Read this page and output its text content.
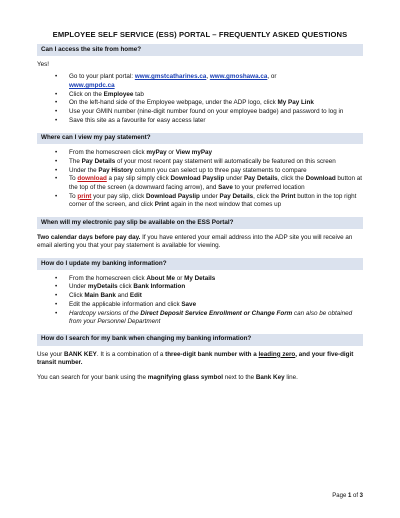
EMPLOYEE SELF SERVICE (ESS) PORTAL – FREQUENTLY ASKED QUESTIONS
Can I access the site from home?

Yes!

• Go to your plant portal: www.gmstcatharines.ca, www.gmoshawa.ca, or
www.gmpdc.ca
• Click on the Employee tab
• On the left-hand side of the Employee webpage, under the ADP logo, click My Pay Link
• Use your GMIN number (nine-digit number found on your employee badge) and password to log in
• Save this site as a favourite for easy access later
Where can I view my pay statement?
• From the homescreen click myPay or View myPay
• The Pay Details of your most recent pay statement will automatically be featured on this screen
• Under the Pay History column you can select up to three pay statements to compare
• To download a pay slip simply click Download Payslip under Pay Details, click the Download button at the top of the screen (a downward facing arrow), and Save to your preferred location
• To print your pay slip, click Download Payslip under Pay Details, click the Print button in the top right corner of the screen, and click Print again in the next window that comes up
When will my electronic pay slip be available on the ESS Portal?

Two calendar days before pay day. If you have entered your email address into the ADP site you will receive an email alerting you that your pay statement is available for viewing.

How do I update my banking information?
• From the homescreen click About Me or My Details
• Under myDetails click Bank Information
• Click Main Bank and Edit
• Edit the applicable information and click Save
• Hardcopy versions of the Direct Deposit Service Enrollment or Change Form can also be obtained from your Personnel Department
How do I search for my bank when changing my banking information?

Use your BANK KEY. It is a combination of a three-digit bank number with a leading zero, and your five-digit transit number.

You can search for your bank using the magnifying glass symbol next to the Bank Key line.

Page 1 of 3
